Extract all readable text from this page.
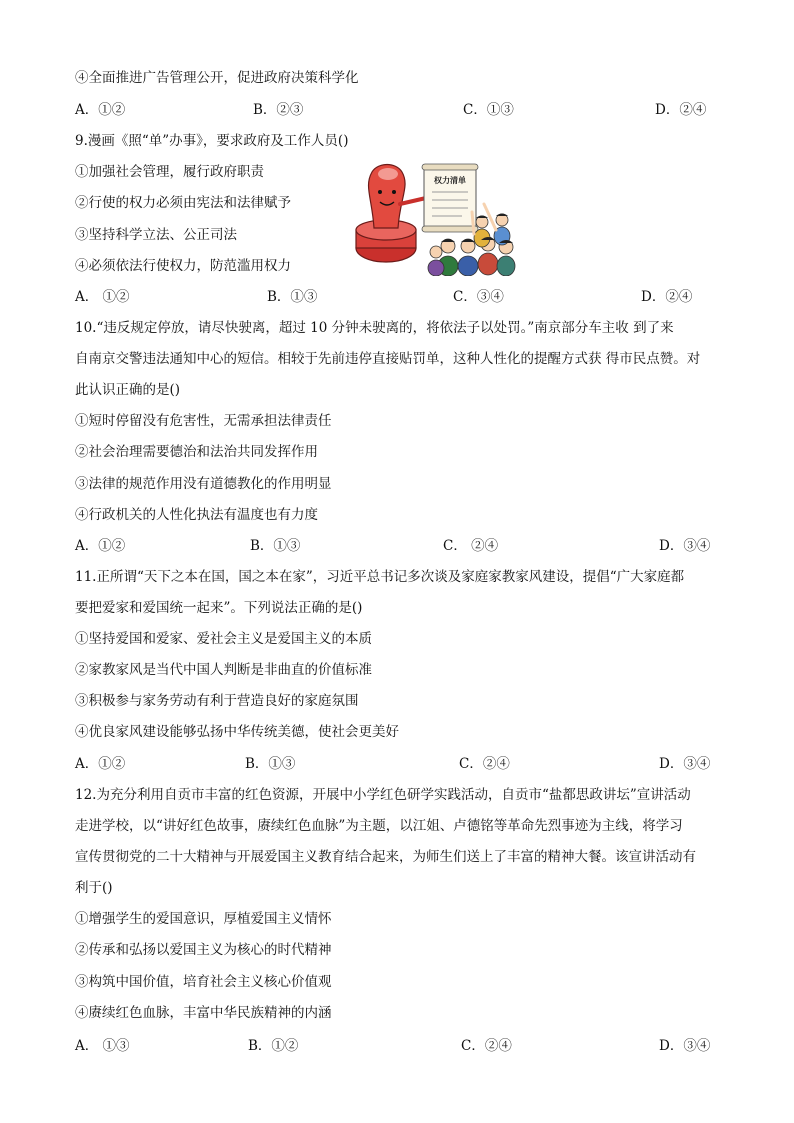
④全面推进广告管理公开，促进政府决策科学化
A．①②	B．②③	C．①③	D．②④
9.漫画《照“单”办事》，要求政府及工作人员()
①加强社会管理，履行政府职责
②行使的权力必须由宪法和法律赋予
③坚持科学立法、公正司法
④必须依法行使权力，防范滥用权力
权力清单
A． ①②	B．①③	C．③④	D．②④
10.“违反规定停放，请尽快驶离，超过 10 分钟未驶离的，将依法子以处罚。”南京部分车主收 到了来
自南京交警违法通知中心的短信。相较于先前违停直接贴罚单，这种人性化的提醒方式获 得市民点赞。对
此认识正确的是()
①短时停留没有危害性，无需承担法律责任
②社会治理需要德治和法治共同发挥作用
③法律的规范作用没有道德教化的作用明显
④行政机关的人性化执法有温度也有力度
A．①②	B．①③	C． ②④	D．③④
11.正所谓“天下之本在国，国之本在家”，习近平总书记多次谈及家庭家教家风建设，提倡“广大家庭都
要把爱家和爱国统一起来”。下列说法正确的是()
①坚持爱国和爱家、爱社会主义是爱国主义的本质
②家教家风是当代中国人判断是非曲直的价值标准
③积极参与家务劳动有利于营造良好的家庭氛围
④优良家风建设能够弘扬中华传统美德，使社会更美好
A．①②	B．①③	C．②④	D．③④
12.为充分利用自贡市丰富的红色资源，开展中小学红色研学实践活动，自贡市“盐都思政讲坛”宣讲活动
走进学校，以“讲好红色故事，赓续红色血脉”为主题，以江姐、卢德铭等革命先烈事迹为主线，将学习
宣传贯彻党的二十大精神与开展爱国主义教育结合起来，为师生们送上了丰富的精神大餐。该宣讲活动有
利于()
①增强学生的爱国意识，厚植爱国主义情怀
②传承和弘扬以爱国主义为核心的时代精神
③构筑中国价值，培育社会主义核心价值观
④赓续红色血脉，丰富中华民族精神的内涵
A． ①③	B．①②	C．②④	D．③④
